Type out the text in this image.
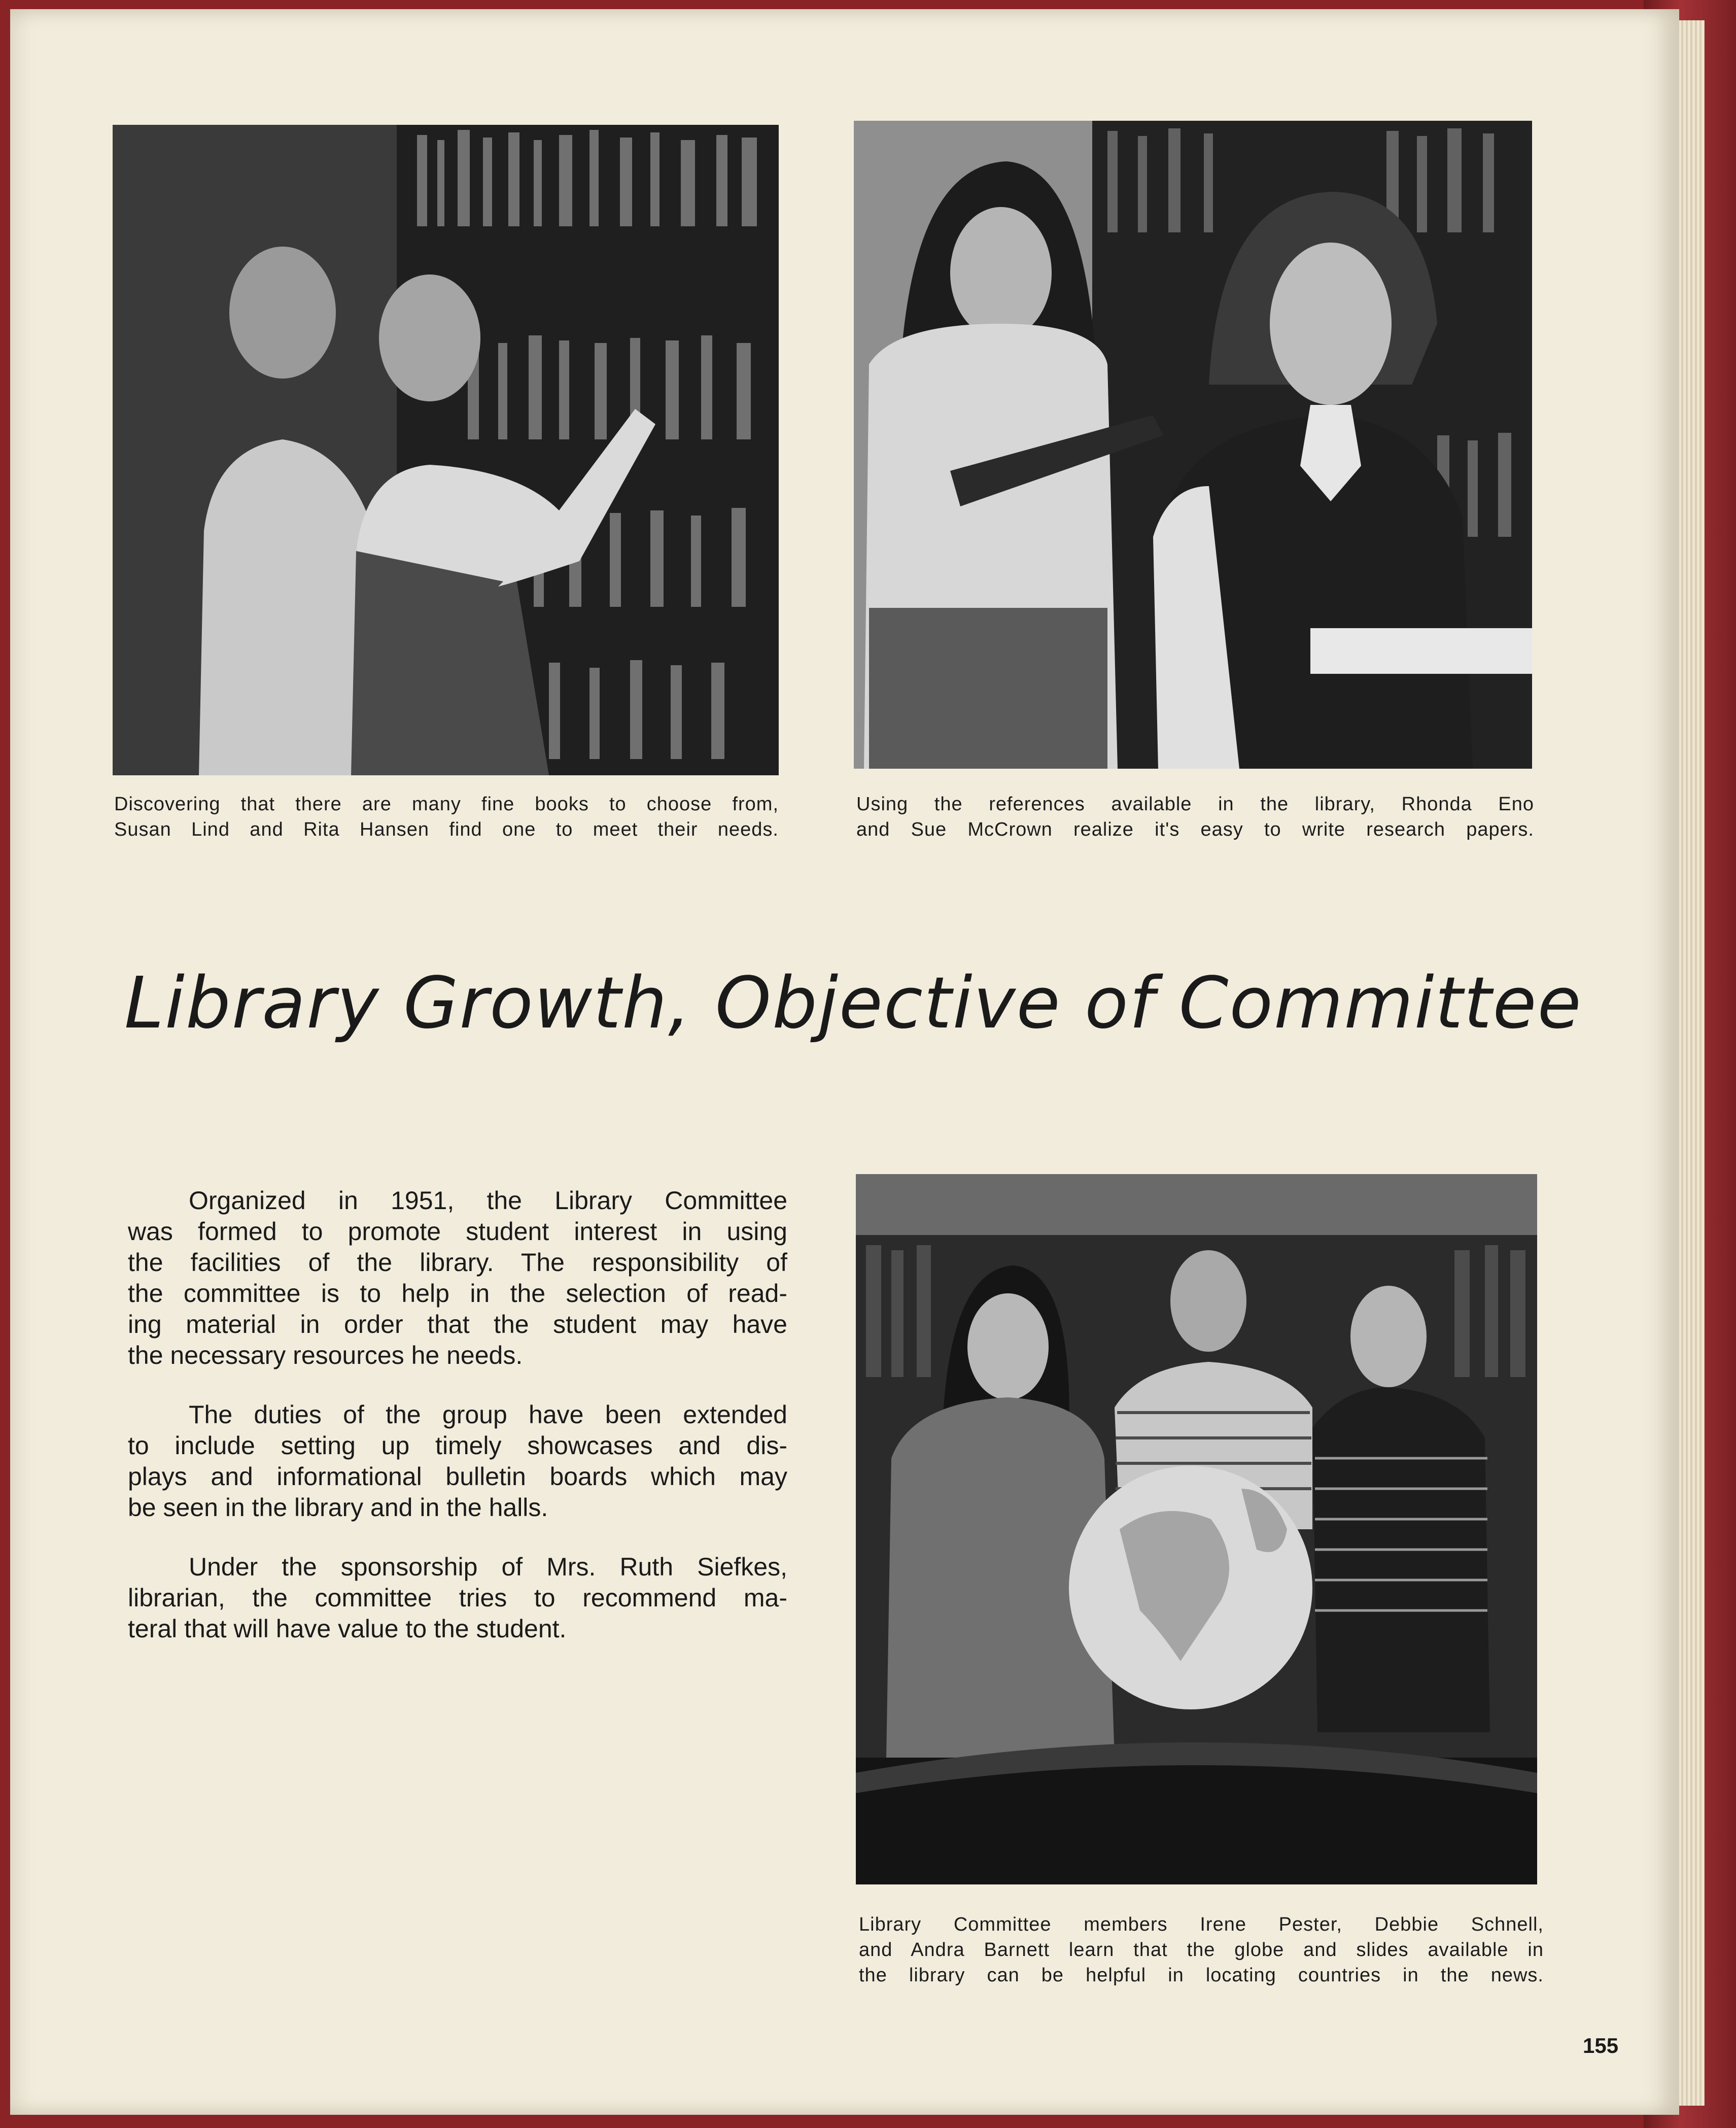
Discovering that there are many fine books to choose from,
Susan Lind and Rita Hansen find one to meet their needs.
Using the references available in the library, Rhonda Eno
and Sue McCrown realize it's easy to write research papers.
Library Growth, Objective of Committee
Organized in 1951, the Library Committee
was formed to promote student interest in using
the facilities of the library. The responsibility of
the committee is to help in the selection of read-
ing material in order that the student may have
the necessary resources he needs.
The duties of the group have been extended
to include setting up timely showcases and dis-
plays and informational bulletin boards which may
be seen in the library and in the halls.
Under the sponsorship of Mrs. Ruth Siefkes,
librarian, the committee tries to recommend ma-
teral that will have value to the student.
Library Committee members Irene Pester, Debbie Schnell,
and Andra Barnett learn that the globe and slides available in
the library can be helpful in locating countries in the news.
155
